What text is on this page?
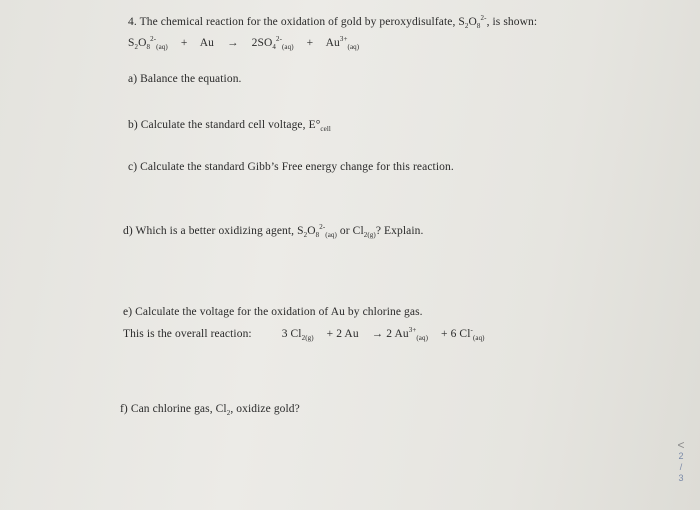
4. The chemical reaction for the oxidation of gold by peroxydisulfate, $S_2O_8^{2-}$, is shown:
$S_2O_8^{2-}_{(aq)} + Au \to 2SO_4^{2-}_{(aq)} + Au^{3+}_{(aq)}$
a) Balance the equation.
b) Calculate the standard cell voltage, $E^\circ_{cell}$
c) Calculate the standard Gibb’s Free energy change for this reaction.
d) Which is a better oxidizing agent, $S_2O_8^{2-}_{(aq)}$ or $Cl_{2(g)}$? Explain.
e) Calculate the voltage for the oxidation of Au by chlorine gas.
This is the overall reaction:	3 $Cl_{2(g)} + 2$ Au → 2 $Au^{3+}_{(aq)} + 6$ $Cl^-_{(aq)}$
f) Can chlorine gas, $Cl_2$, oxidize gold?
<
2
/
3
